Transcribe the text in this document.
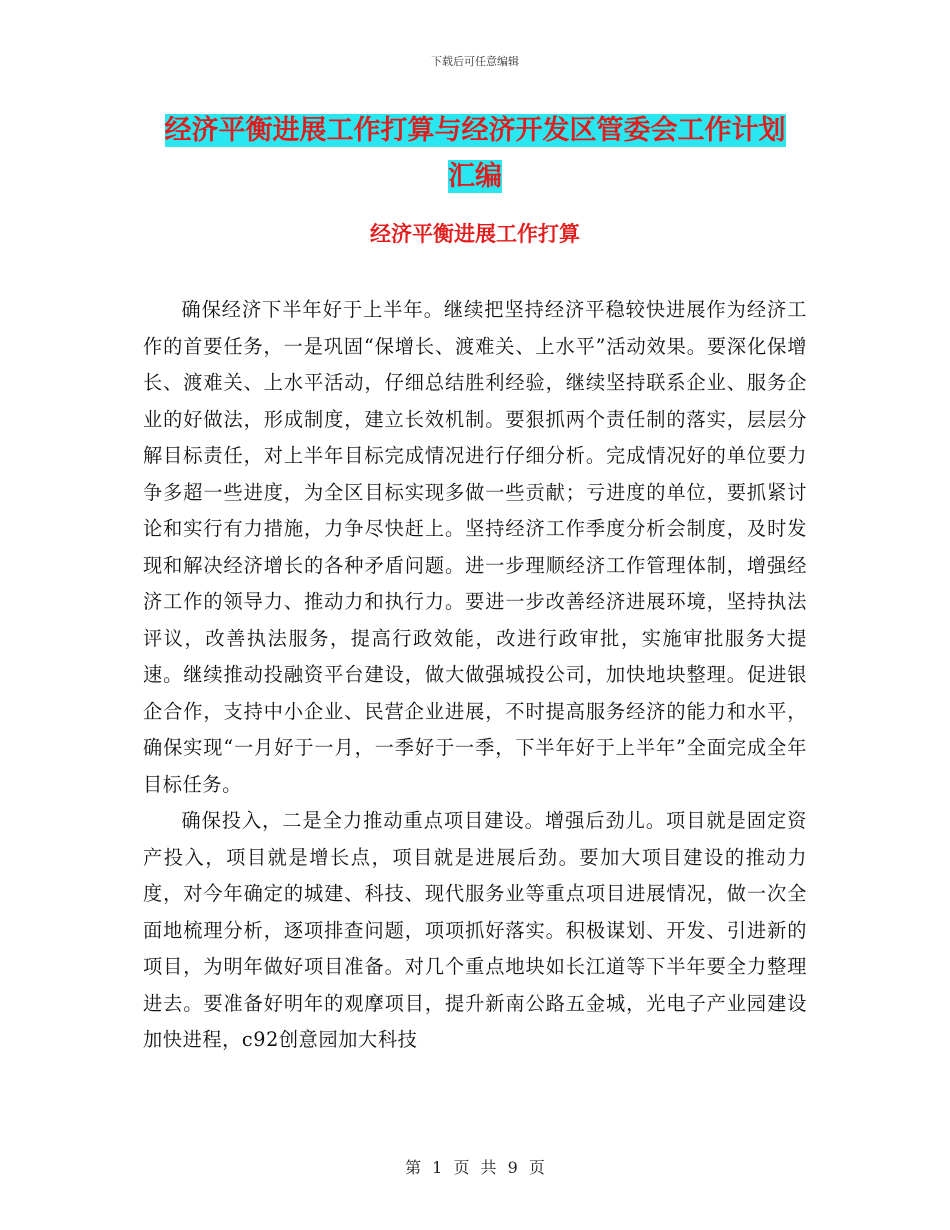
下载后可任意编辑
经济平衡进展工作打算与经济开发区管委会工作计划
汇编
经济平衡进展工作打算

确保经济下半年好于上半年。继续把坚持经济平稳较快进展作为经济工作的首要任务，一是巩固“保增长、渡难关、上水平”活动效果。要深化保增长、渡难关、上水平活动，仔细总结胜利经验，继续坚持联系企业、服务企业的好做法，形成制度，建立长效机制。要狠抓两个责任制的落实，层层分解目标责任，对上半年目标完成情况进行仔细分析。完成情况好的单位要力争多超一些进度，为全区目标实现多做一些贡献；亏进度的单位，要抓紧讨论和实行有力措施，力争尽快赶上。坚持经济工作季度分析会制度，及时发现和解决经济增长的各种矛盾问题。进一步理顺经济工作管理体制，增强经济工作的领导力、推动力和执行力。要进一步改善经济进展环境，坚持执法评议，改善执法服务，提高行政效能，改进行政审批，实施审批服务大提速。继续推动投融资平台建设，做大做强城投公司，加快地块整理。促进银企合作，支持中小企业、民营企业进展，不时提高服务经济的能力和水平，确保实现“一月好于一月，一季好于一季，下半年好于上半年”全面完成全年目标任务。

确保投入，二是全力推动重点项目建设。增强后劲儿。项目就是固定资产投入，项目就是增长点，项目就是进展后劲。要加大项目建设的推动力度，对今年确定的城建、科技、现代服务业等重点项目进展情况，做一次全面地梳理分析，逐项排查问题，项项抓好落实。积极谋划、开发、引进新的项目，为明年做好项目准备。对几个重点地块如长江道等下半年要全力整理进去。要准备好明年的观摩项目，提升新南公路五金城，光电子产业园建设加快进程，c92创意园加大科技

第 1 页 共 9 页
